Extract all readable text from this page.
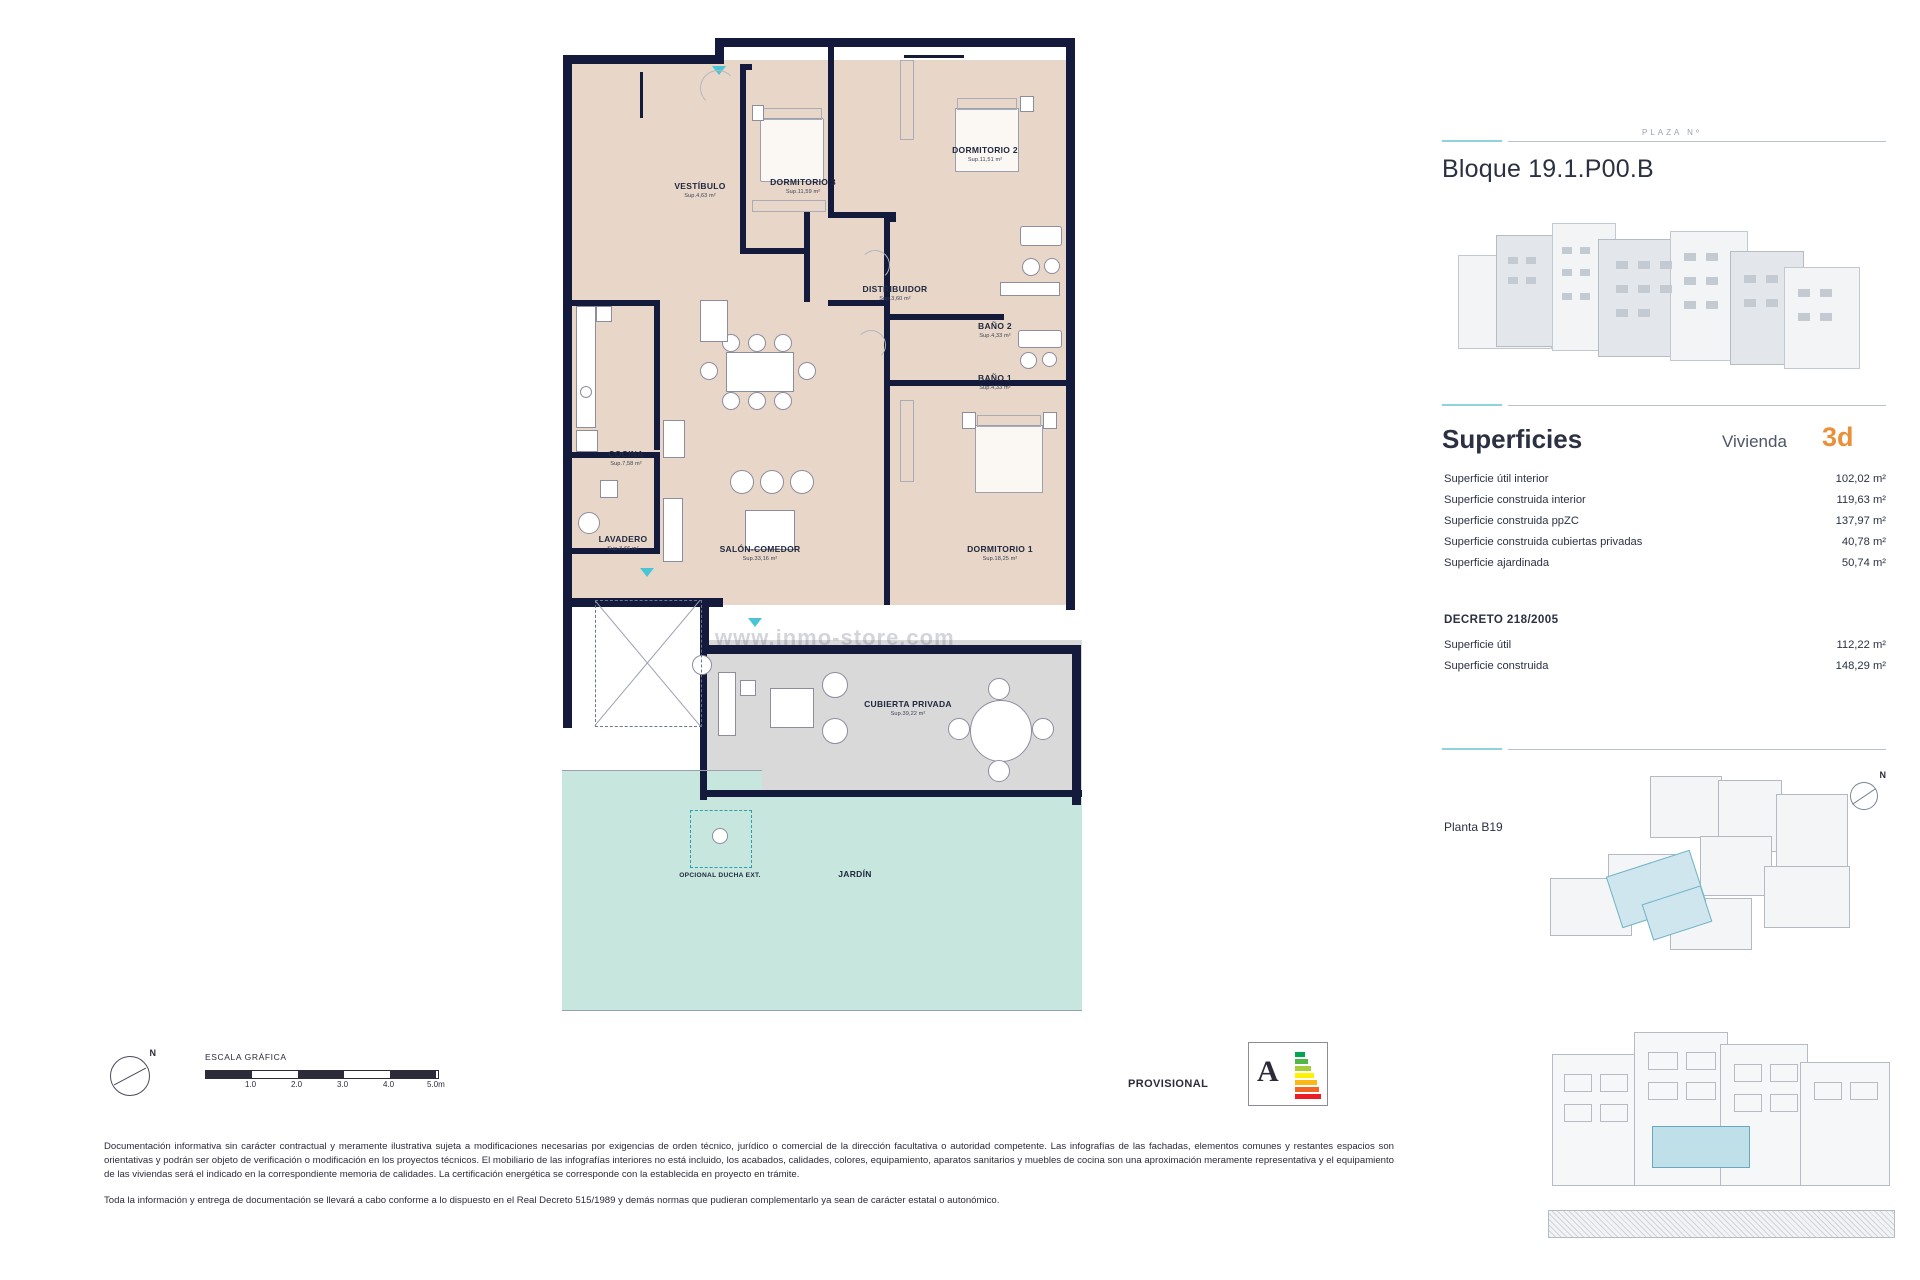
VESTÍBULO
Sup.4,63 m²
DORMITORIO 3
Sup.11,59 m²
DORMITORIO 2
Sup.11,51 m²
DISTRIBUIDOR
Sup.3,60 m²
BAÑO 2
Sup.4,33 m²
BAÑO 1
Sup.4,33 m²
COCINA
Sup.7,58 m²
LAVADERO
Sup.3,66 m²	SALÓN-COMEDOR
Sup.33,16 m²
DORMITORIO 1
Sup.18,25 m²
CUBIERTA PRIVADA
Sup.39,22 m²
JARDÍN
OPCIONAL DUCHA EXT.
www.inmo-store.com
N	ESCALA GRÁFICA
1.0	2.0	3.0	4.0	5.0m	PROVISIONAL A

Documentación informativa sin carácter contractual y meramente ilustrativa sujeta a modificaciones necesarias por exigencias de orden técnico, jurídico o comercial de la dirección facultativa o autoridad competente. Las infografías de las fachadas, elementos comunes y restantes espacios son orientativas y podrán ser objeto de verificación o modificación en los proyectos técnicos. El mobiliario de las infografías interiores no está incluido, los acabados, calidades, colores, equipamiento, aparatos sanitarios y muebles de cocina son una aproximación meramente representativa y el equipamiento de las viviendas será el indicado en la correspondiente memoria de calidades. La certificación energética se corresponde con la establecida en proyecto en trámite.

Toda la información y entrega de documentación se llevará a cabo conforme a lo dispuesto en el Real Decreto 515/1989 y demás normas que pudieran complementarlo ya sean de carácter estatal o autonómico.

PLAZA Nº
Bloque 19.1.P00.B
Superficies	Vivienda 3d
Superficie útil interior	102,02 m²
Superficie construida interior	119,63 m²
Superficie construida ppZC	137,97 m²
Superficie construida cubiertas privadas	40,78 m²
Superficie ajardinada	50,74 m²
DECRETO 218/2005
Superficie útil	112,22 m²
Superficie construida	148,29 m²
Planta B19
N
